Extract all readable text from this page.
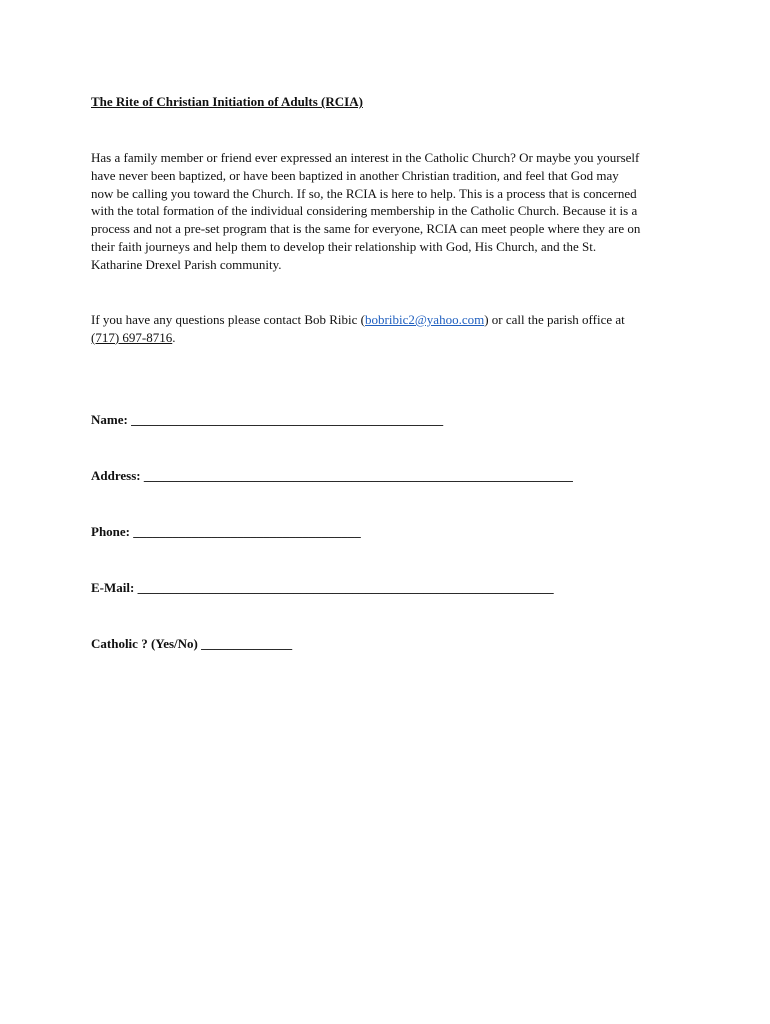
The Rite of Christian Initiation of Adults (RCIA)
Has a family member or friend ever expressed an interest in the Catholic Church? Or maybe you yourself
have never been baptized, or have been baptized in another Christian tradition, and feel that God may
now be calling you toward the Church. If so, the RCIA is here to help. This is a process that is concerned
with the total formation of the individual considering membership in the Catholic Church. Because it is a
process and not a pre-set program that is the same for everyone, RCIA can meet people where they are on
their faith journeys and help them to develop their relationship with God, His Church, and the St.
Katharine Drexel Parish community.
If you have any questions please contact Bob Ribic (bobribic2@yahoo.com) or call the parish office at
(717) 697-8716.
Name: ________________________________________________
Address: __________________________________________________________________
Phone: ___________________________________
E-Mail: ________________________________________________________________
Catholic ? (Yes/No) ______________
